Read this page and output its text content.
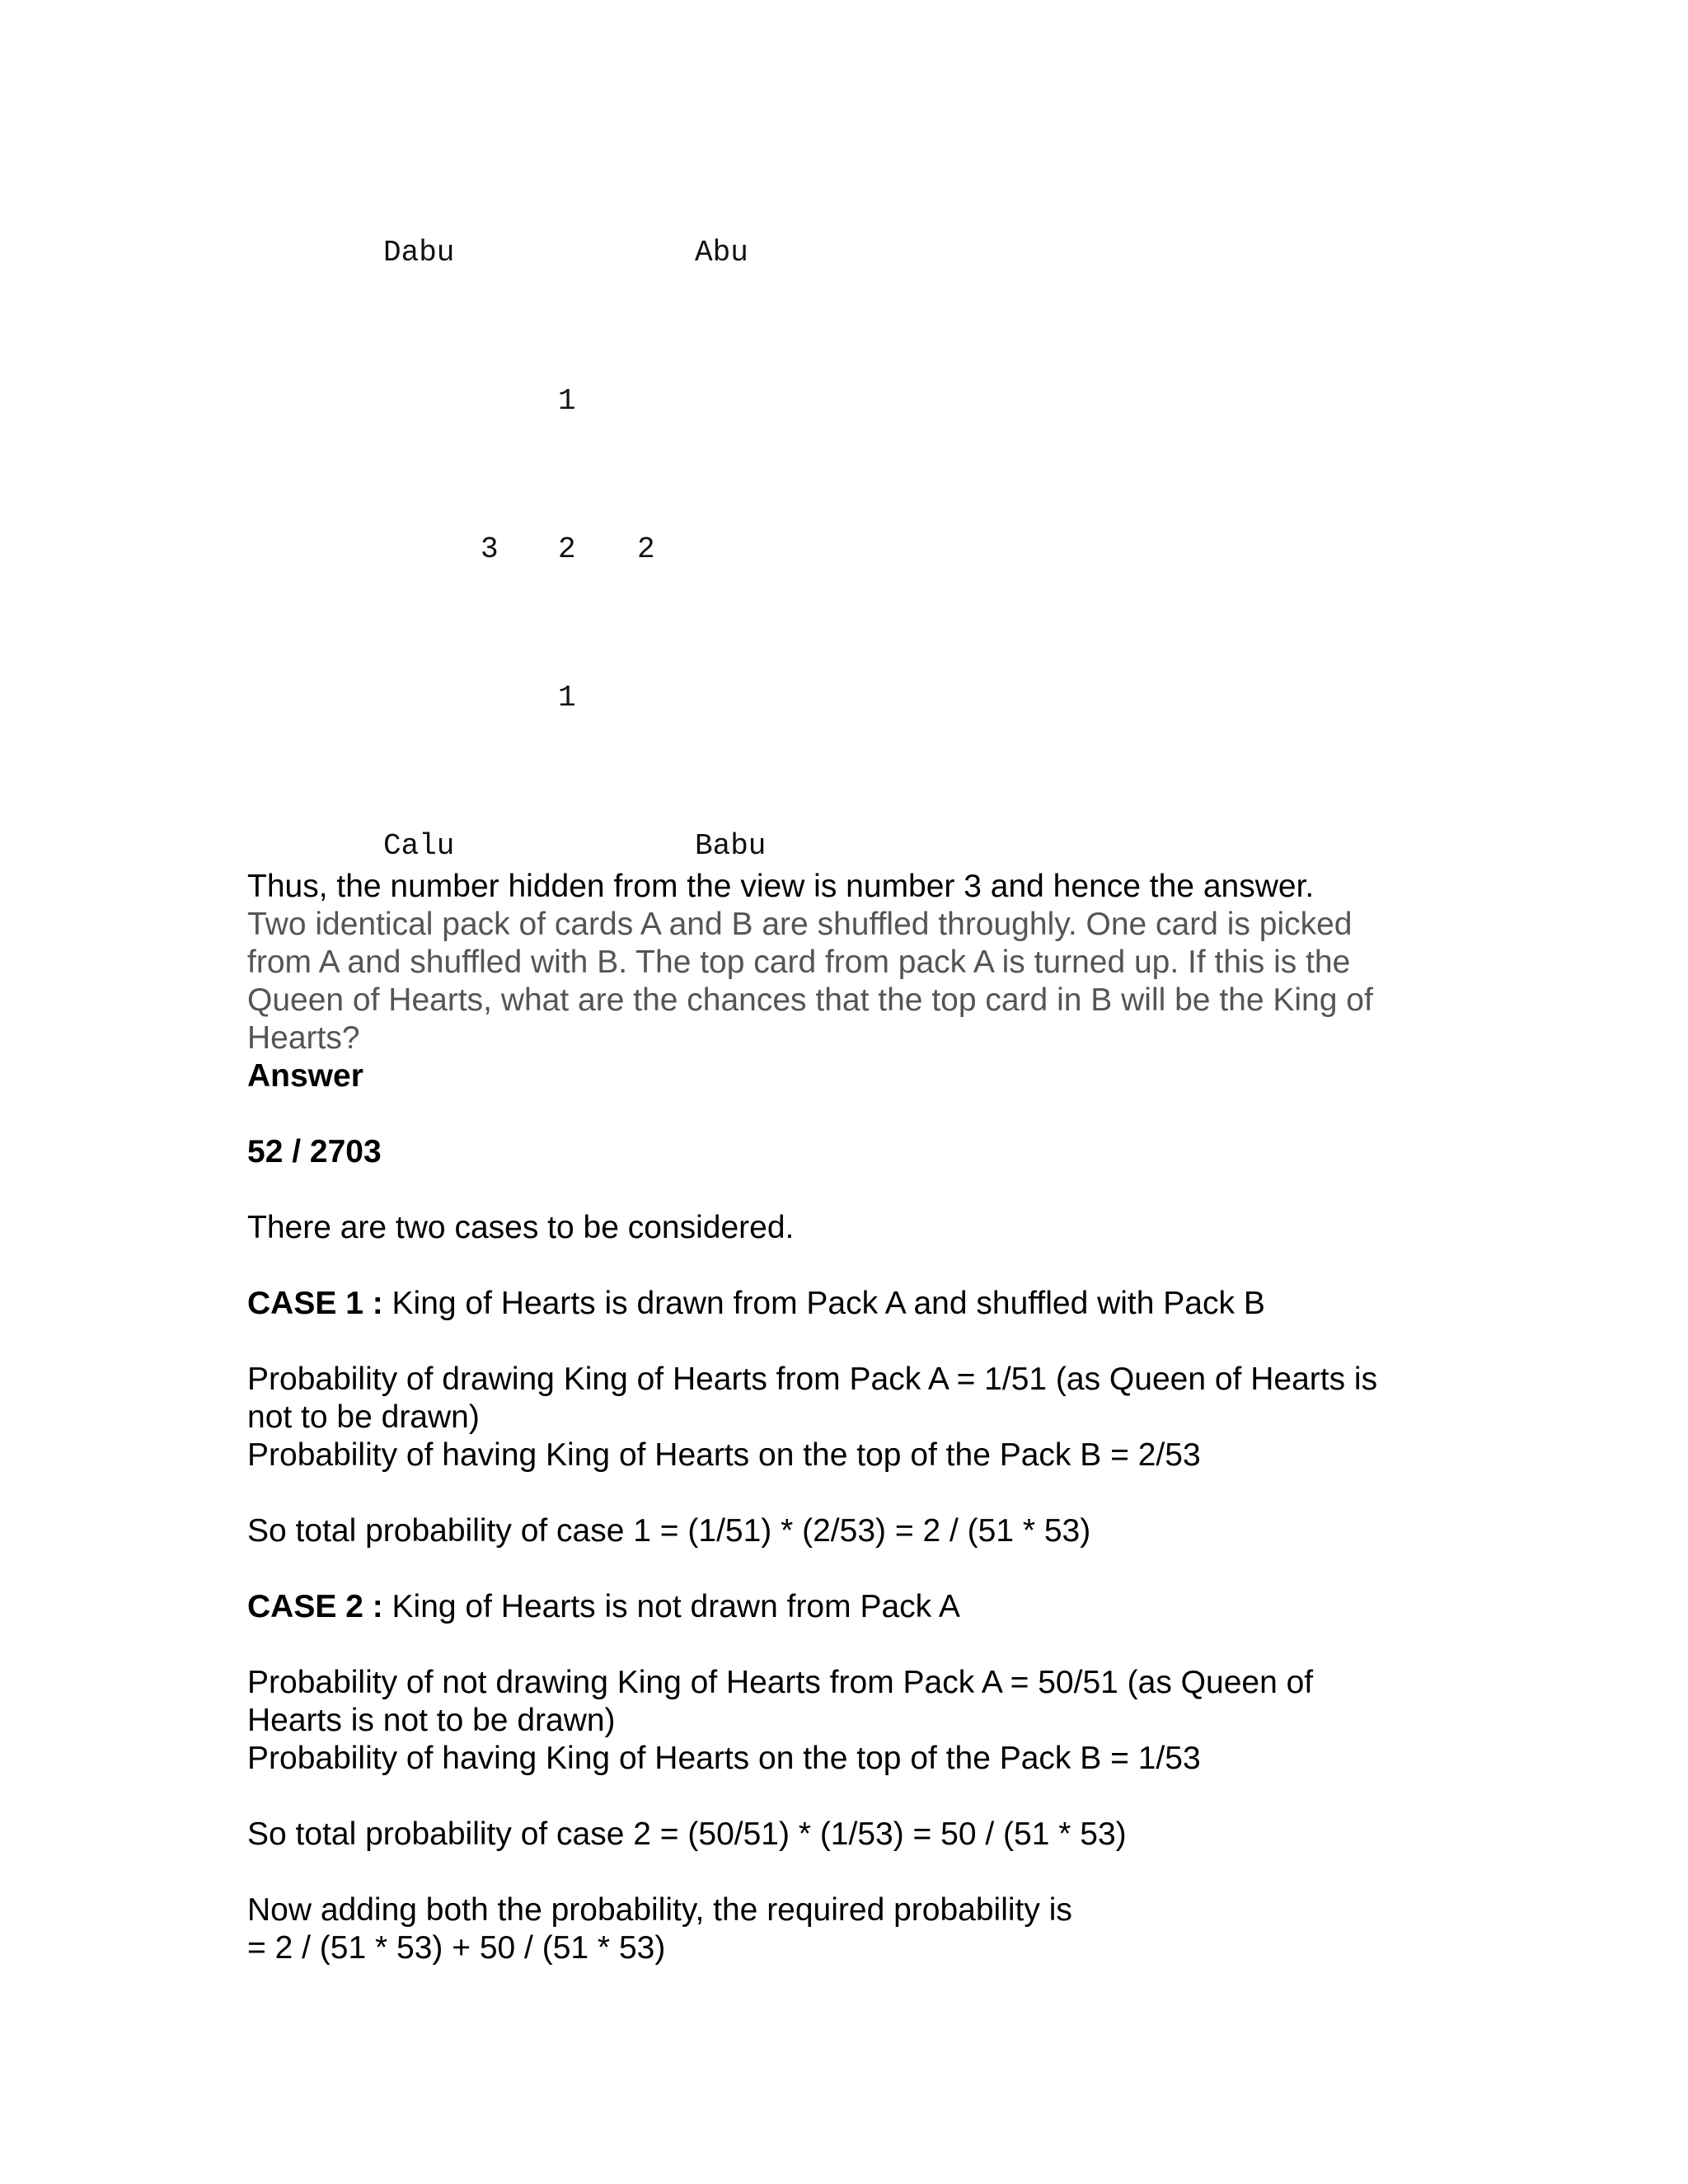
Dabu	Abu
1
3 2 2
1
Calu	Babu
Thus, the number hidden from the view is number 3 and hence the answer.
Two identical pack of cards A and B are shuffled throughly. One card is picked
from A and shuffled with B. The top card from pack A is turned up. If this is the
Queen of Hearts, what are the chances that the top card in B will be the King of
Hearts?
Answer
52 / 2703
There are two cases to be considered.
CASE 1 : King of Hearts is drawn from Pack A and shuffled with Pack B
Probability of drawing King of Hearts from Pack A = 1/51 (as Queen of Hearts is
not to be drawn)
Probability of having King of Hearts on the top of the Pack B = 2/53
So total probability of case 1 = (1/51) * (2/53) = 2 / (51 * 53)
CASE 2 : King of Hearts is not drawn from Pack A
Probability of not drawing King of Hearts from Pack A = 50/51 (as Queen of
Hearts is not to be drawn)
Probability of having King of Hearts on the top of the Pack B = 1/53
So total probability of case 2 = (50/51) * (1/53) = 50 / (51 * 53)
Now adding both the probability, the required probability is
= 2 / (51 * 53) + 50 / (51 * 53)
